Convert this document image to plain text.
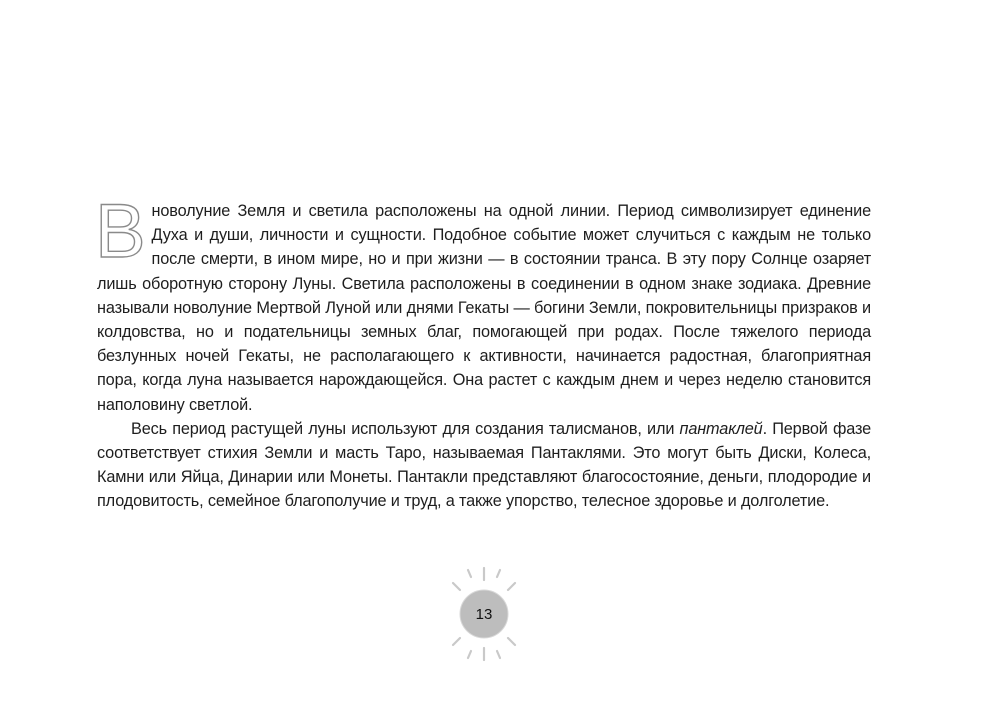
В новолуние Земля и светила расположены на одной линии. Период символизирует единение Духа и души, личности и сущности. Подобное событие может случиться с каждым не только после смерти, в ином мире, но и при жизни — в состоянии транса. В эту пору Солнце озаряет лишь оборотную сторону Луны. Светила расположены в соединении в одном знаке зодиака. Древние называли новолуние Мертвой Луной или днями Гекаты — богини Земли, покровительницы призраков и колдовства, но и подательницы земных благ, помогающей при родах. После тяжелого периода безлунных ночей Гекаты, не располагающего к активности, начинается радостная, благоприятная пора, когда луна называется нарождающейся. Она растет с каждым днем и через неделю становится наполовину светлой.

Весь период растущей луны используют для создания талисманов, или пантаклей. Первой фазе соответствует стихия Земли и масть Таро, называемая Пантаклями. Это могут быть Диски, Колеса, Камни или Яйца, Динарии или Монеты. Пантакли представляют благосостояние, деньги, плодородие и плодовитость, семейное благополучие и труд, а также упорство, телесное здоровье и долголетие.

13
